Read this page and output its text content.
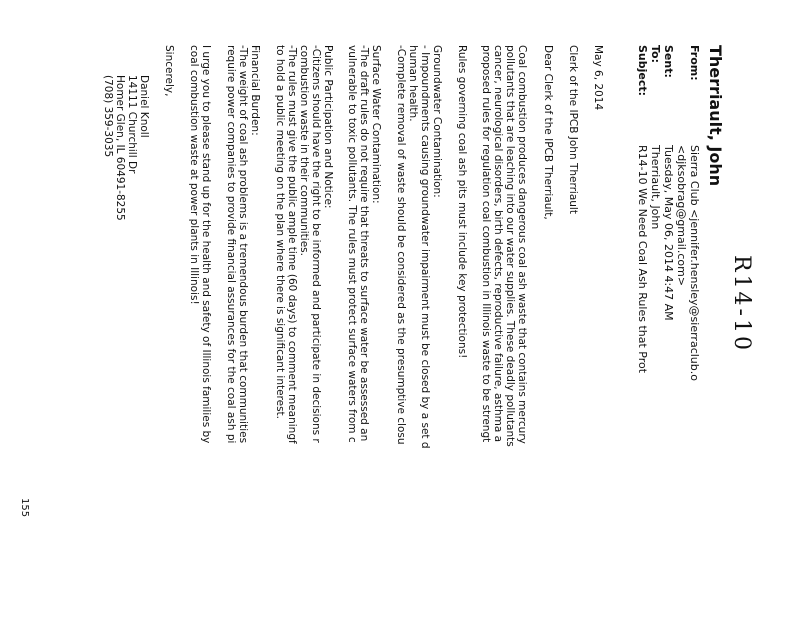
R14-10
Therriault, John
From:
Sierra Club <jennifer.hensley@sierraclub.o
<djksobrag@gmail.com>
Sent:
Tuesday, May 06, 2014 4:47 AM
To:
Therriault, John
Subject:
R14-10 We Need Coal Ash Rules that Prot
May 6, 2014
Clerk of the IPCB John Therriault
Dear Clerk of the IPCB Therriault,
Coal combustion produces dangerous coal ash waste that contains mercury
pollutants that are leaching into our water supplies. These deadly pollutants
cancer, neurological disorders, birth defects, reproductive failure, asthma a
proposed rules for regulation coal combustion in Illinois waste to be strengt
Rules governing coal ash pits must include key protections!
Groundwater Contamination:
- Impoundments causing groundwater impairment must be closed by a set d
human health.
-Complete removal of waste should be considered as the presumptive closu
Surface Water Contamination:
-The draft rules do not require that threats to surface water be assessed an
vulnerable to toxic pollutants. The rules must protect surface waters from c
Public Participation and Notice:
-Citizens should have the right to be informed and participate in decisions r
combustion waste in their communities.
-The rules must give the public ample time (60 days) to comment meaningf
to hold a public meeting on the plan where there is significant interest.
Financial Burden:
-The weight of coal ash problems is a tremendous burden that communities
require power companies to provide financial assurances for the coal ash pi
I urge you to please stand up for the health and safety of Illinois families by
coal combustion waste at power plants in Illinois!
Sincerely,
Daniel Knoll
14111 Churchill Dr
Homer Glen, IL 60491-8255
(708) 359-3035
155
